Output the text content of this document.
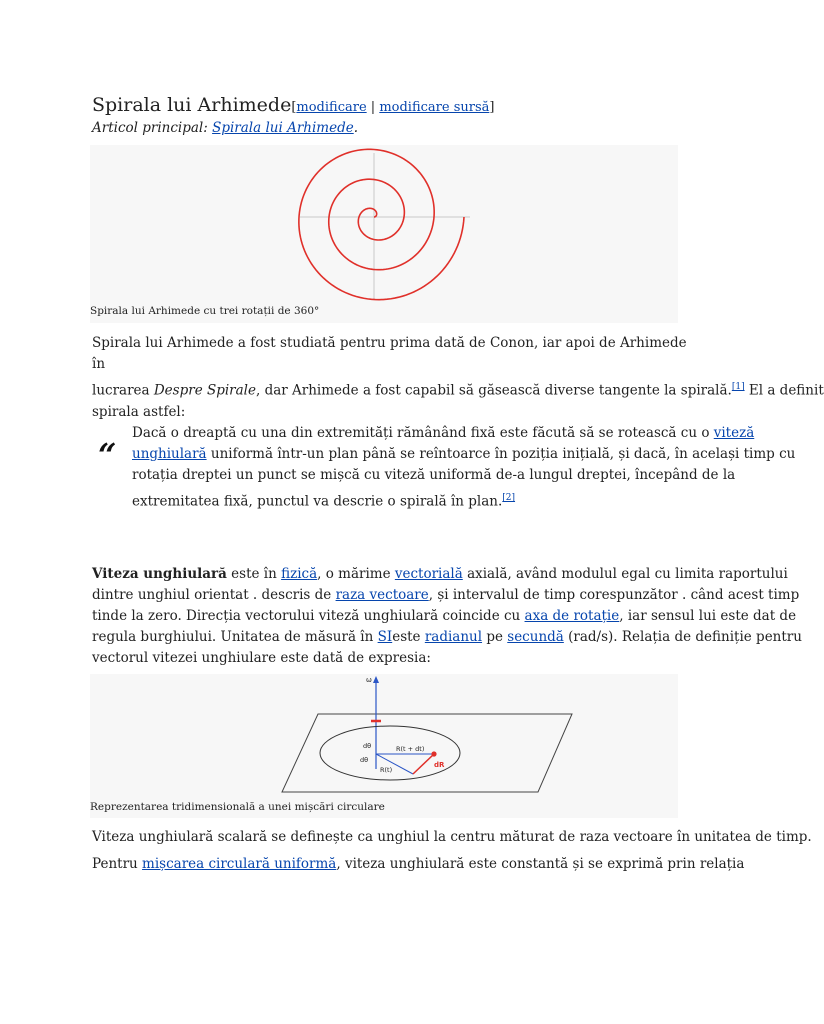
Spirala lui Arhimede[modificare | modificare sursă]
Articol principal: Spirala lui Arhimede.
Spirala lui Arhimede cu trei rotații de 360°
Spirala lui Arhimede a fost studiată pentru prima dată de Conon, iar apoi de Arhimede în
lucrarea Despre Spirale, dar Arhimede a fost capabil să găsească diverse tangente la spirală.[1] El a definit
spirala astfel:
“
Dacă o dreaptă cu una din extremități rămânând fixă este făcută să se rotească cu o viteză
unghiulară uniformă într-un plan până se reîntoarce în poziția inițială, și dacă, în același timp cu
rotația dreptei un punct se mișcă cu viteză uniformă de-a lungul dreptei, începând de la
extremitatea fixă, punctul va descrie o spirală în plan.[2]
Viteza unghiulară este în fizică, o mărime vectorială axială, având modulul egal cu limita raportului
dintre unghiul orientat . descris de raza vectoare, și intervalul de timp corespunzător . când acest timp
tinde la zero. Direcția vectorului viteză unghiulară coincide cu axa de rotație, iar sensul lui este dat de
regula burghiului. Unitatea de măsură în SIeste radianul pe secundă (rad/s). Relația de definiție pentru
vectorul vitezei unghiulare este dată de expresia:
ω
dθ	R(t + dt)
dθ
R(t)
dR
Reprezentarea tridimensională a unei mișcări circulare
Viteza unghiulară scalară se definește ca unghiul la centru măturat de raza vectoare în unitatea de timp.
Pentru mișcarea circulară uniformă, viteza unghiulară este constantă și se exprimă prin relația
